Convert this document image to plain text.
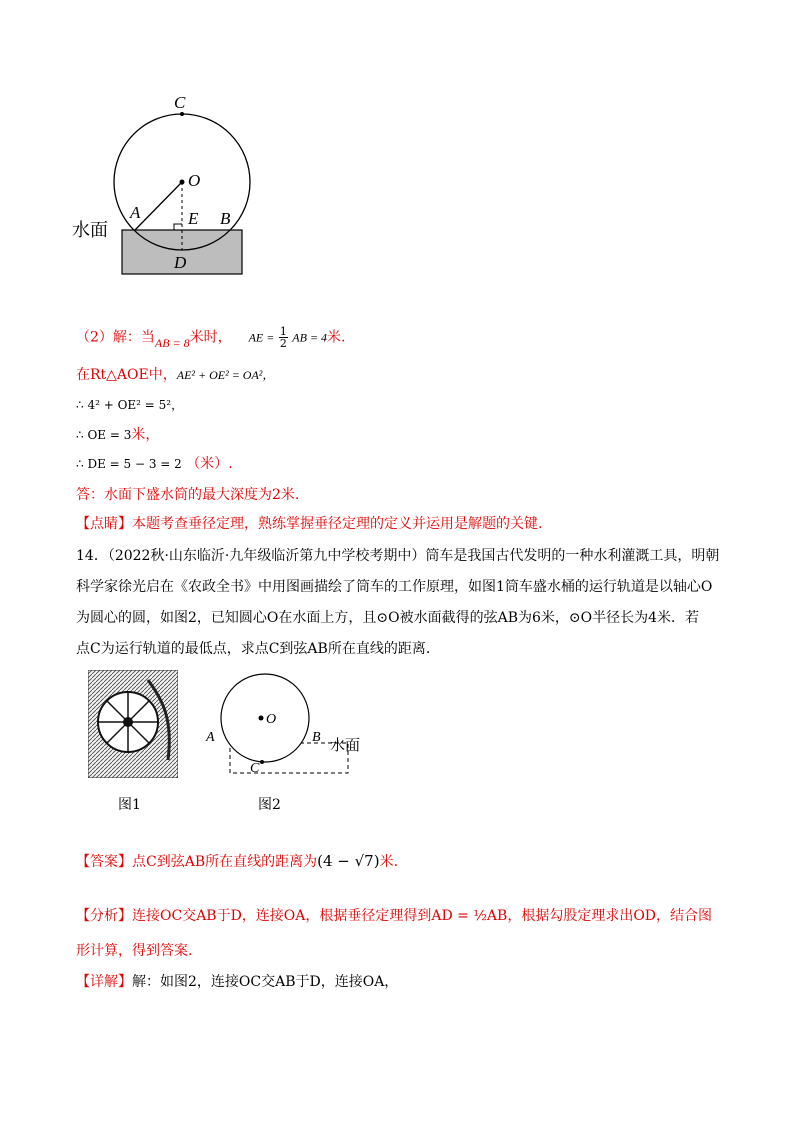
C
O
A	E B
D
水面
（2）解：当AB = 8米时， AE = $\frac{1}{2}$ AB = 4米.
在Rt△AOE中，AE² + OE² = OA²，
∴ 4² + OE² = 5²，
∴ OE = 3米，
∴ DE = 5 − 3 = 2 （米）.
答：水面下盛水筒的最大深度为2米.
【点睛】本题考查垂径定理，熟练掌握垂径定理的定义并运用是解题的关键.
14．（2022秋·山东临沂·九年级临沂第九中学校考期中）筒车是我国古代发明的一种水利灌溉工具，明朝
科学家徐光启在《农政全书》中用图画描绘了筒车的工作原理，如图1筒车盛水桶的运行轨道是以轴心O
为圆心的圆，如图2，已知圆心O在水面上方，且⊙O被水面截得的弦AB为6米，⊙O半径长为4米．若
点C为运行轨道的最低点，求点C到弦AB所在直线的距离.
O
A	B
C
水面
图1	图2
【答案】点C到弦AB所在直线的距离为(4 − √7)米.
【分析】连接OC交AB于D，连接OA，根据垂径定理得到AD = ½AB，根据勾股定理求出OD，结合图
形计算，得到答案.
【详解】解：如图2，连接OC交AB于D，连接OA，
